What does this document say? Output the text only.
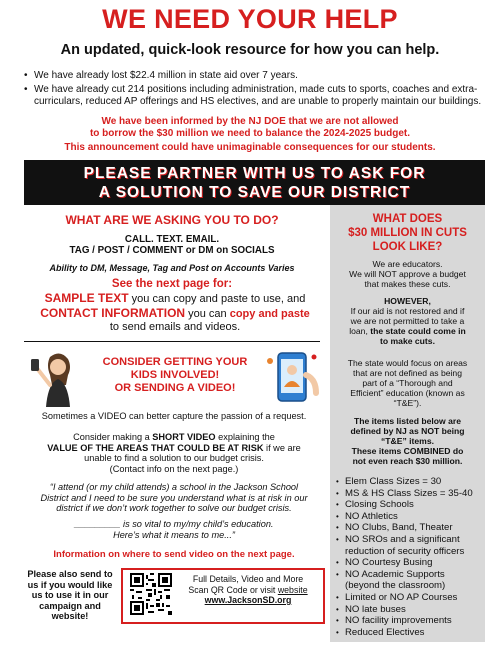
WE NEED YOUR HELP
An updated, quick-look resource for how you can help.
• We have already lost $22.4 million in state aid over 7 years.
• We have already cut 214 positions including administration, made cuts to sports, coaches and extra-curriculars, reduced AP offerings and HS electives, and are unable to properly maintain our buildings.
We have been informed by the NJ DOE that we are not allowed
to borrow the $30 million we need to balance the 2024-2025 budget.
This announcement could have unimaginable consequences for our students.
PLEASE PARTNER WITH US TO ASK FOR
A SOLUTION TO SAVE OUR DISTRICT
WHAT ARE WE ASKING YOU TO DO?
CALL. TEXT. EMAIL.
TAG / POST / COMMENT or DM on SOCIALS
Ability to DM, Message, Tag and Post on Accounts Varies
See the next page for:
SAMPLE TEXT you can copy and paste to use, and
CONTACT INFORMATION you can copy and paste
to send emails and videos.
CONSIDER GETTING YOUR
KIDS INVOLVED!
OR SENDING A VIDEO!
Sometimes a VIDEO can better capture the passion of a request.
Consider making a SHORT VIDEO explaining the
VALUE OF THE AREAS THAT COULD BE AT RISK if we are
unable to find a solution to our budget crisis.
(Contact info on the next page.)
“I attend (or my child attends) a school in the Jackson School
District and I need to be sure you understand what is at risk in our
district if we don’t work together to solve our budget crisis.
_________ is so vital to my/my child’s education.
Here’s what it means to me...”
Information on where to send video on the next page.
Please also send to us if you would like us to use it in our campaign and website!
Full Details, Video and More
Scan QR Code or visit website
www.JacksonSD.org
WHAT DOES
$30 MILLION IN CUTS
LOOK LIKE?
We are educators.
We will NOT approve a budget
that makes these cuts.
HOWEVER,
If our aid is not restored and if
we are not permitted to take a
loan, the state could come in
to make cuts.
The state would focus on areas
that are not defined as being
part of a “Thorough and
Efficient” education (known as
“T&E”).
The items listed below are
defined by NJ as NOT being
“T&E” items.
These items COMBINED do
not even reach $30 million.
• Elem Class Sizes = 30
• MS & HS Class Sizes = 35-40
• Closing Schools
• NO Athletics
• NO Clubs, Band, Theater
• NO SROs and a significant reduction of security officers
• NO Courtesy Busing
• NO Academic Supports (beyond the classroom)
• Limited or NO AP Courses
• NO late buses
• NO facility improvements
• Reduced Electives
